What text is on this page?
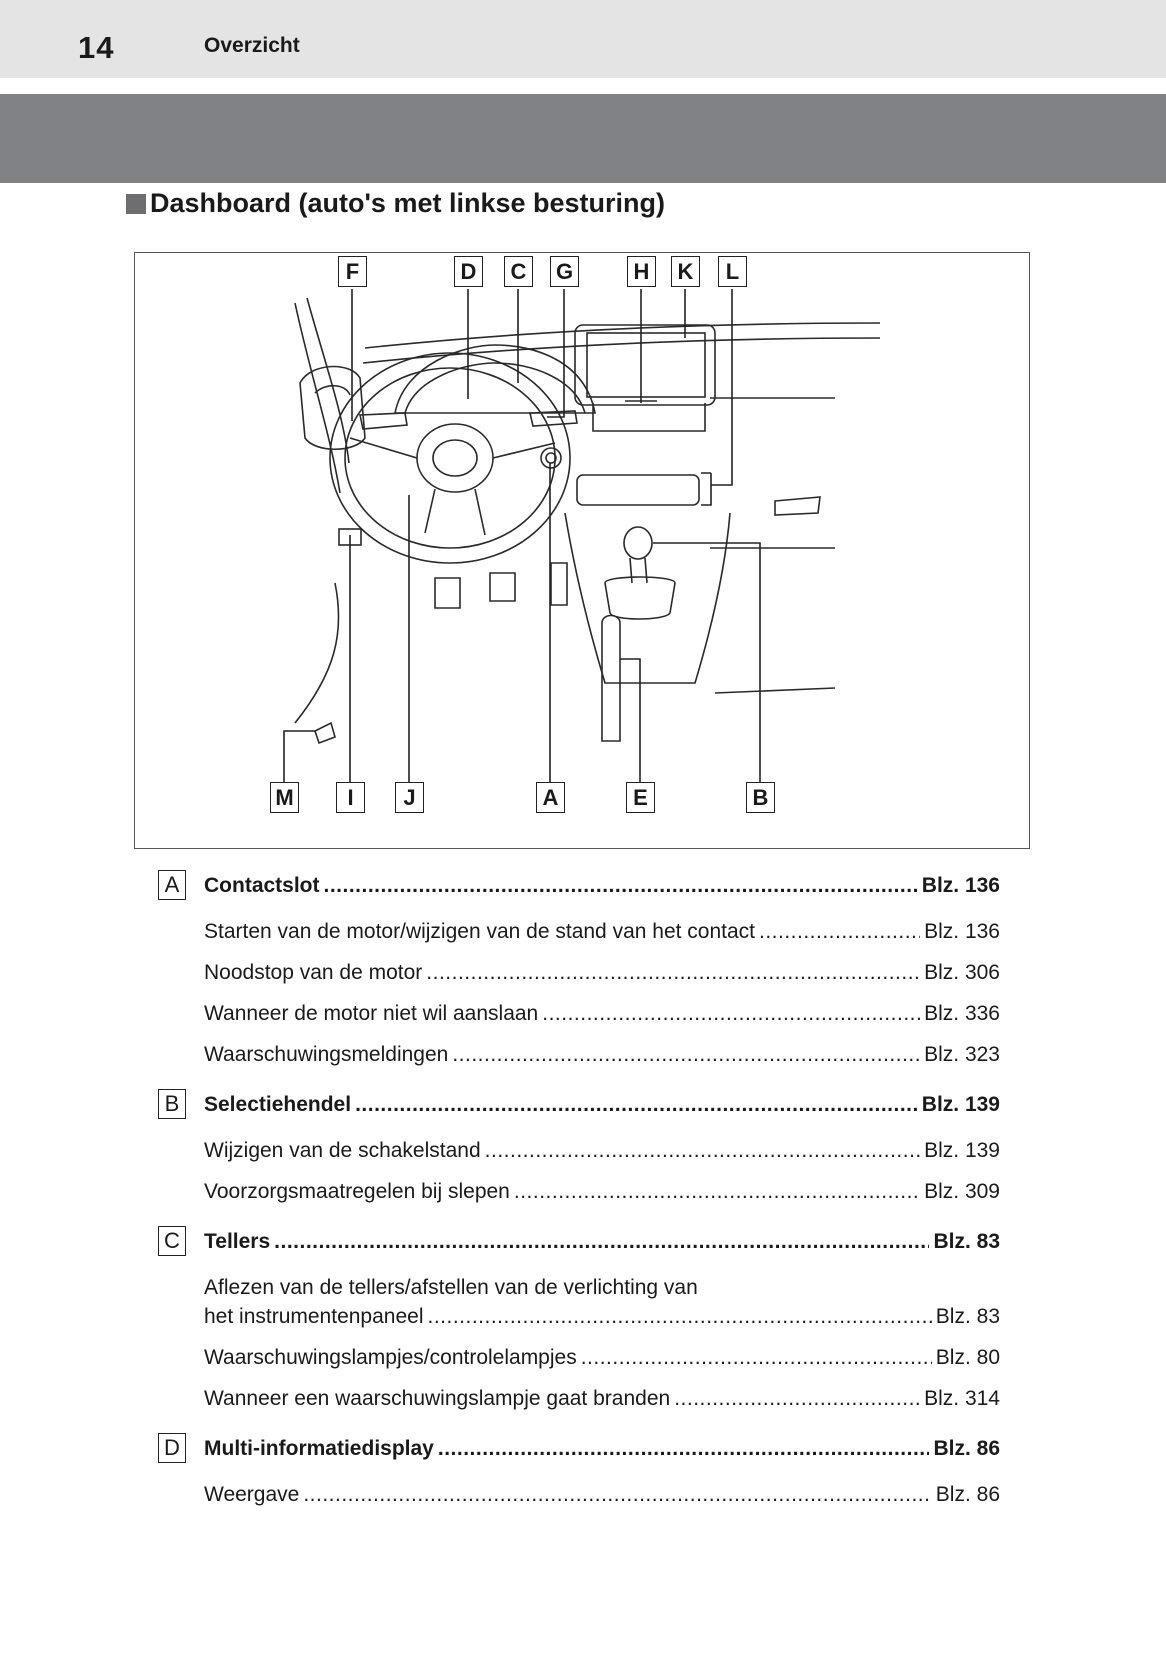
14	Overzicht
Dashboard (auto's met linkse besturing)
F	D C G	H K	L
M	I	J	A	E	B
A	Contactslot .....	Blz. 136
Starten van de motor/wijzigen van de stand van het contact .....	Blz. 136
Noodstop van de motor .....	Blz. 306
Wanneer de motor niet wil aanslaan .....	Blz. 336
Waarschuwingsmeldingen .....	Blz. 323
B	Selectiehendel .....	Blz. 139
Wijzigen van de schakelstand .....	Blz. 139
Voorzorgsmaatregelen bij slepen .....	Blz. 309
C Tellers .....	Blz. 83
Aflezen van de tellers/afstellen van de verlichting van
het instrumentenpaneel .....	Blz. 83
Waarschuwingslampjes/controlelampjes .....	Blz. 80
Wanneer een waarschuwingslampje gaat branden .....	Blz. 314
D Multi-informatiedisplay .....	Blz. 86
Weergave .....	Blz. 86
